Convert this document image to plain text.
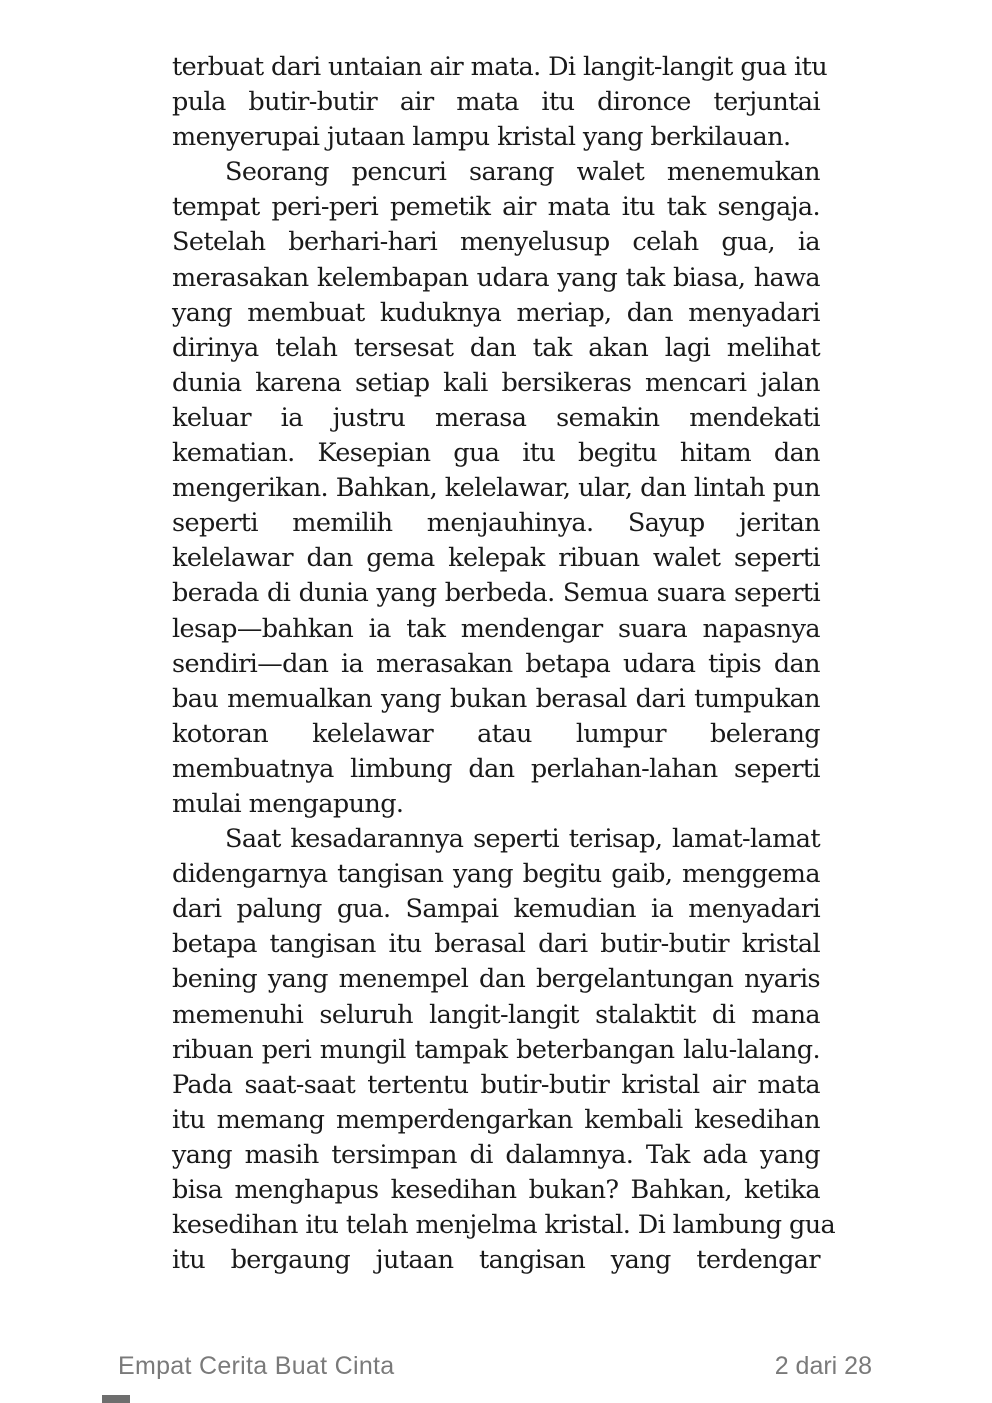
terbuat dari untaian air mata. Di langit-langit gua itu
pula butir-butir air mata itu dironce terjuntai
menyerupai jutaan lampu kristal yang berkilauan.
Seorang pencuri sarang walet menemukan
tempat peri-peri pemetik air mata itu tak sengaja.
Setelah berhari-hari menyelusup celah gua, ia
merasakan kelembapan udara yang tak biasa, hawa
yang membuat kuduknya meriap, dan menyadari
dirinya telah tersesat dan tak akan lagi melihat
dunia karena setiap kali bersikeras mencari jalan
keluar ia justru merasa semakin mendekati
kematian. Kesepian gua itu begitu hitam dan
mengerikan. Bahkan, kelelawar, ular, dan lintah pun
seperti memilih menjauhinya. Sayup jeritan
kelelawar dan gema kelepak ribuan walet seperti
berada di dunia yang berbeda. Semua suara seperti
lesap—bahkan ia tak mendengar suara napasnya
sendiri—dan ia merasakan betapa udara tipis dan
bau memualkan yang bukan berasal dari tumpukan
kotoran kelelawar atau lumpur belerang
membuatnya limbung dan perlahan-lahan seperti
mulai mengapung.
Saat kesadarannya seperti terisap, lamat-lamat
didengarnya tangisan yang begitu gaib, menggema
dari palung gua. Sampai kemudian ia menyadari
betapa tangisan itu berasal dari butir-butir kristal
bening yang menempel dan bergelantungan nyaris
memenuhi seluruh langit-langit stalaktit di mana
ribuan peri mungil tampak beterbangan lalu-lalang.
Pada saat-saat tertentu butir-butir kristal air mata
itu memang memperdengarkan kembali kesedihan
yang masih tersimpan di dalamnya. Tak ada yang
bisa menghapus kesedihan bukan? Bahkan, ketika
kesedihan itu telah menjelma kristal. Di lambung gua
itu bergaung jutaan tangisan yang terdengar
Empat Cerita Buat Cinta	2 dari 28
